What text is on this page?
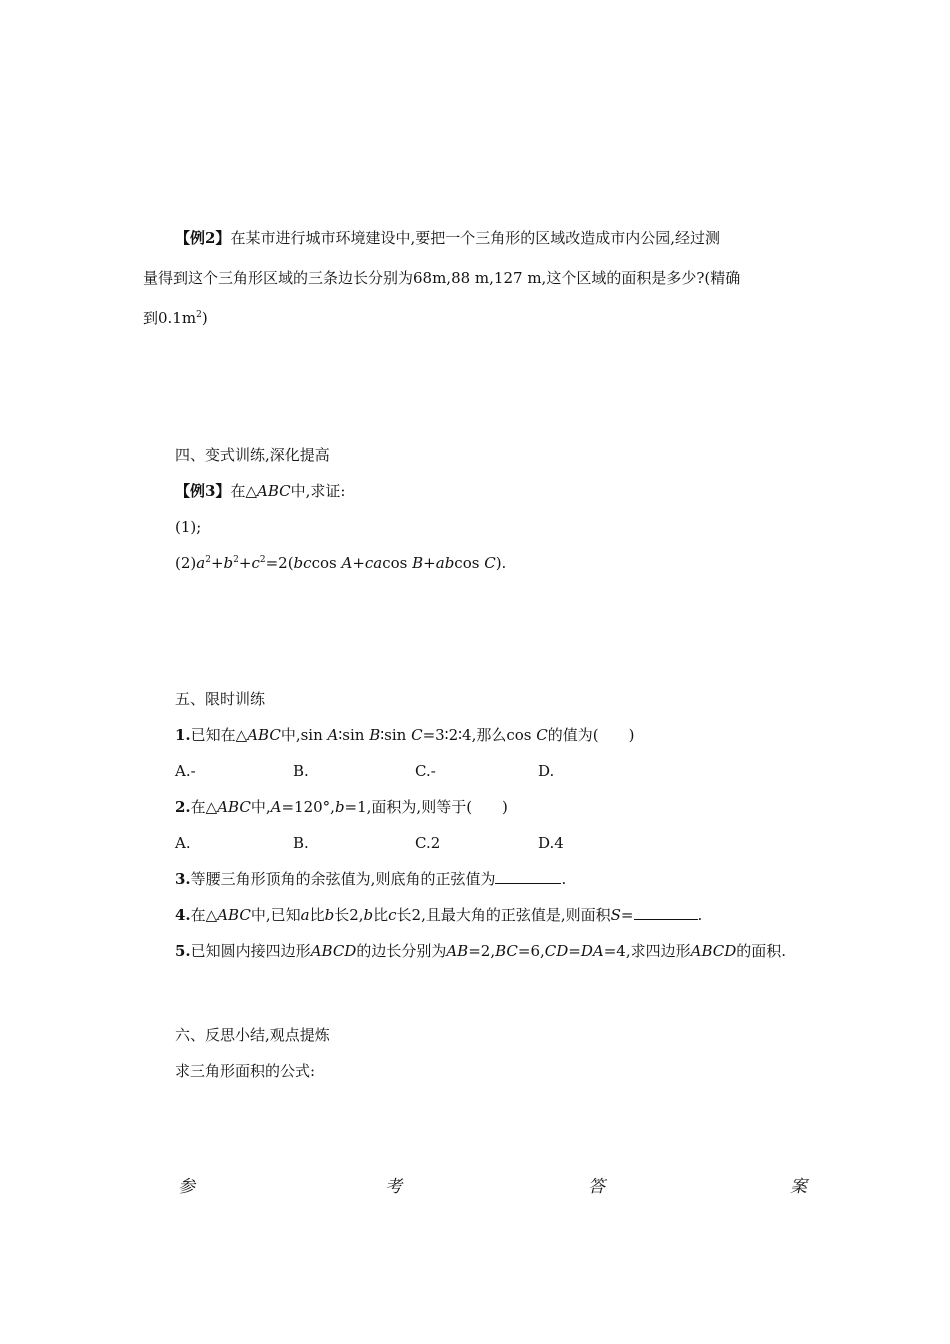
【例2】在某市进行城市环境建设中,要把一个三角形的区域改造成市内公园,经过测
量得到这个三角形区域的三条边长分别为68m,88 m,127 m,这个区域的面积是多少?(精确
到$0.1m^2$)
四、变式训练,深化提高
【例3】在△ABC中,求证:
(1);
$(2)a^2+b^2+c^2=2(bccos$ A+cacos B+abcos C).
五、限时训练
1.已知在△ABC中,sin A∶sin B∶sin C=3∶2∶4,那么cos C的值为(　　)
A.-	B.	C.-	D.
2.在△ABC中,A=120°,b=1,面积为,则等于(　　)
A.	B.	C.2	D.4
3.等腰三角形顶角的余弦值为,则底角的正弦值为	.
4.在△ABC中,已知a比b长2,b比c长2,且最大角的正弦值是,则面积S=	.
5.已知圆内接四边形ABCD的边长分别为AB=2,BC=6,CD=DA=4,求四边形ABCD的面积.
六、反思小结,观点提炼
求三角形面积的公式:
参	考	答	案
